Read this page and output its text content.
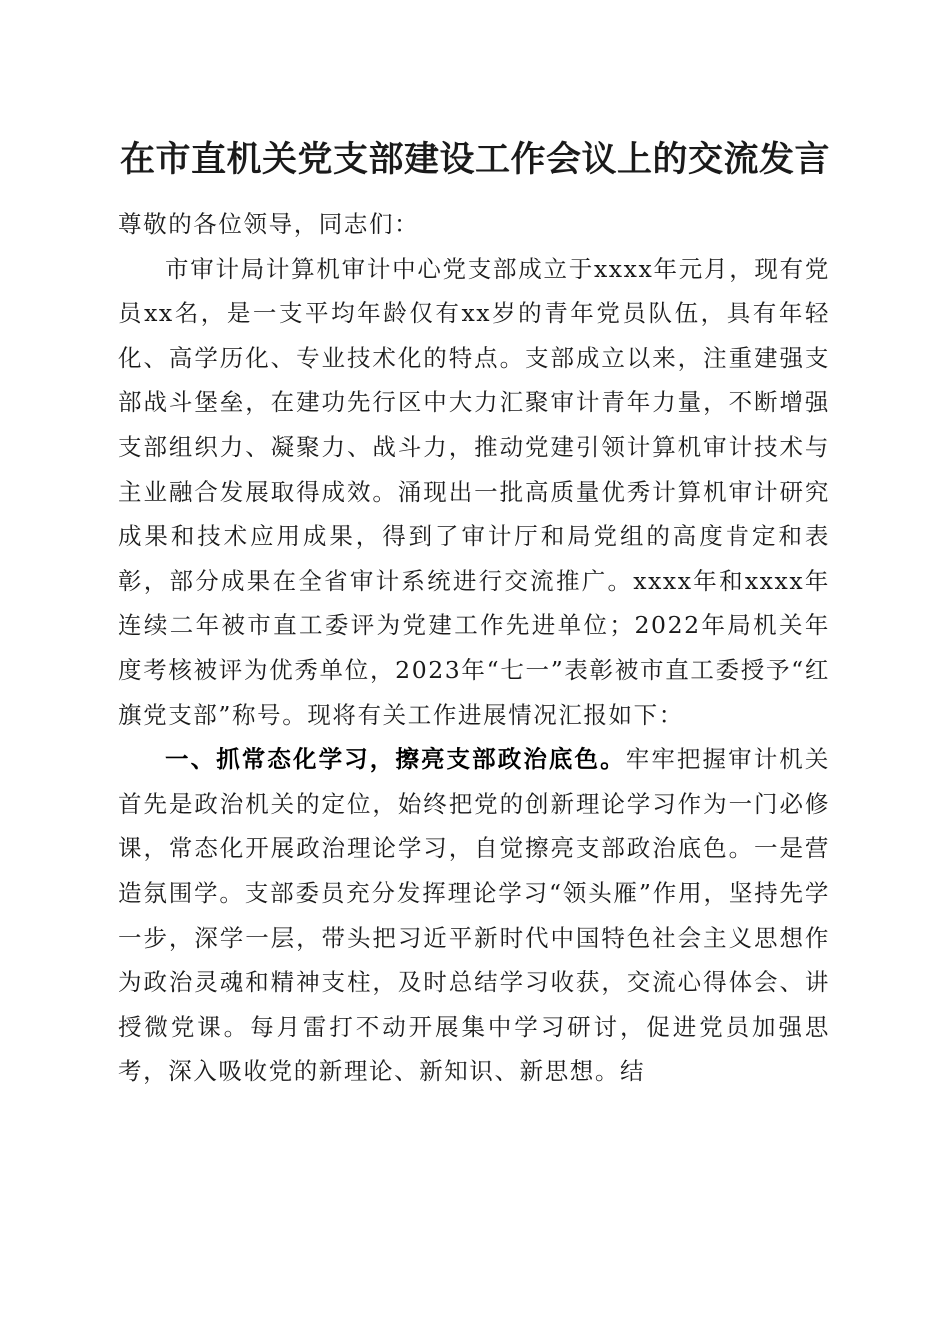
在市直机关党支部建设工作会议上的交流发言

尊敬的各位领导，同志们：

市审计局计算机审计中心党支部成立于xxxx年元月，现有党员xx名，是一支平均年龄仅有xx岁的青年党员队伍，具有年轻化、高学历化、专业技术化的特点。支部成立以来，注重建强支部战斗堡垒，在建功先行区中大力汇聚审计青年力量，不断增强支部组织力、凝聚力、战斗力，推动党建引领计算机审计技术与主业融合发展取得成效。涌现出一批高质量优秀计算机审计研究成果和技术应用成果，得到了审计厅和局党组的高度肯定和表彰，部分成果在全省审计系统进行交流推广。xxxx年和xxxx年连续二年被市直工委评为党建工作先进单位；2022年局机关年度考核被评为优秀单位，2023年“七一”表彰被市直工委授予“红旗党支部”称号。现将有关工作进展情况汇报如下：

一、抓常态化学习，擦亮支部政治底色。牢牢把握审计机关首先是政治机关的定位，始终把党的创新理论学习作为一门必修课，常态化开展政治理论学习，自觉擦亮支部政治底色。一是营造氛围学。支部委员充分发挥理论学习“领头雁”作用，坚持先学一步，深学一层，带头把习近平新时代中国特色社会主义思想作为政治灵魂和精神支柱，及时总结学习收获，交流心得体会、讲授微党课。每月雷打不动开展集中学习研讨，促进党员加强思考，深入吸收党的新理论、新知识、新思想。结
